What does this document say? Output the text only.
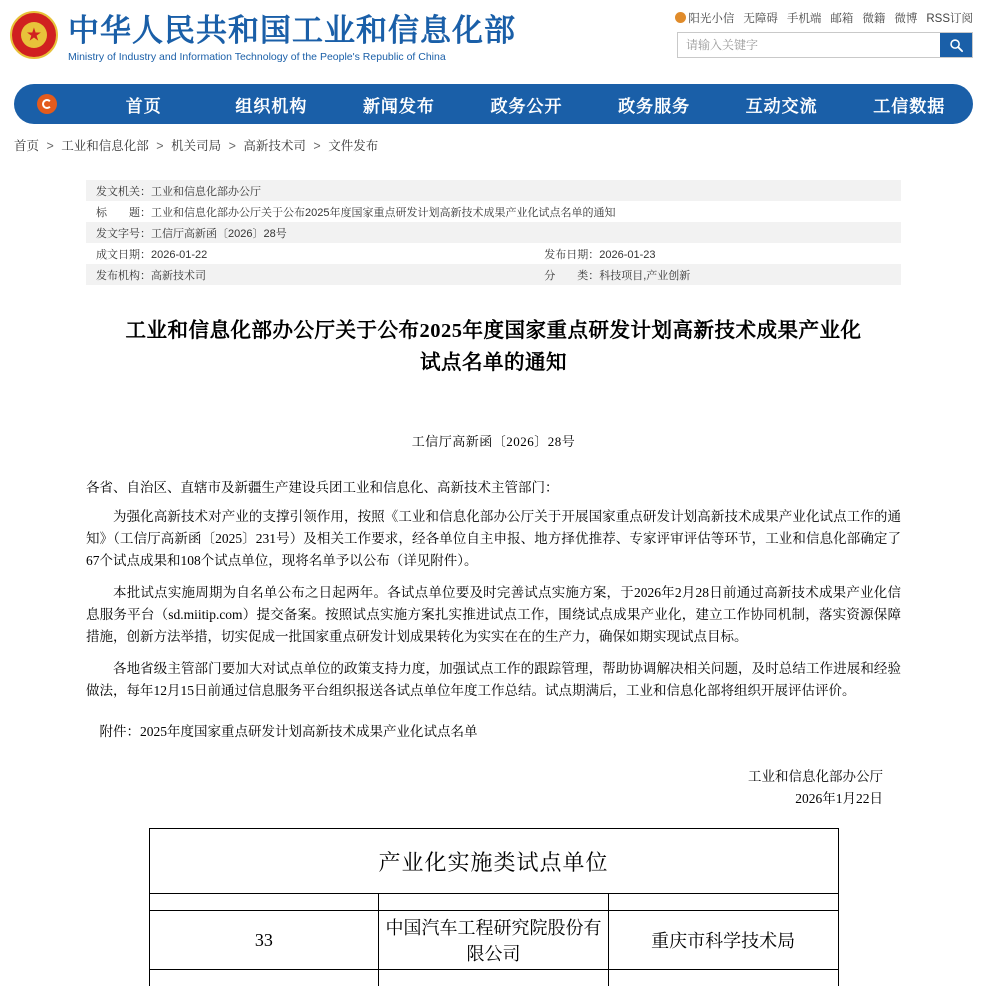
★
中华人民共和国工业和信息化部
Ministry of Industry and Information Technology of the People's Republic of China
阳光小信 无障碍 手机端 邮箱 微籍 微博 RSS订阅
请输入关键字
首页	组织机构	新闻发布	政务公开	政务服务	互动交流	工信数据
首页 > 工业和信息化部 > 机关司局 > 高新技术司 > 文件发布
发文机关：工业和信息化部办公厅	
标　　题：工业和信息化部办公厅关于公布2025年度国家重点研发计划高新技术成果产业化试点名单的通知	
发文字号：工信厅高新函〔2026〕28号	
成文日期：2026-01-22	发布日期：2026-01-23
发布机构：高新技术司	分　　类：科技项目,产业创新
工业和信息化部办公厅关于公布2025年度国家重点研发计划高新技术成果产业化试点名单的通知
工信厅高新函〔2026〕28号
各省、自治区、直辖市及新疆生产建设兵团工业和信息化、高新技术主管部门：
为强化高新技术对产业的支撑引领作用，按照《工业和信息化部办公厅关于开展国家重点研发计划高新技术成果产业化试点工作的通知》（工信厅高新函〔2025〕231号）及相关工作要求，经各单位自主申报、地方择优推荐、专家评审评估等环节，工业和信息化部确定了67个试点成果和108个试点单位，现将名单予以公布（详见附件）。
本批试点实施周期为自名单公布之日起两年。各试点单位要及时完善试点实施方案，于2026年2月28日前通过高新技术成果产业化信息服务平台（sd.miitip.com）提交备案。按照试点实施方案扎实推进试点工作，围绕试点成果产业化，建立工作协同机制，落实资源保障措施，创新方法举措，切实促成一批国家重点研发计划成果转化为实实在在的生产力，确保如期实现试点目标。
各地省级主管部门要加大对试点单位的政策支持力度，加强试点工作的跟踪管理，帮助协调解决相关问题，及时总结工作进展和经验做法，每年12月15日前通过信息服务平台组织报送各试点单位年度工作总结。试点期满后，工业和信息化部将组织开展评估评价。
附件：2025年度国家重点研发计划高新技术成果产业化试点名单
工业和信息化部办公厅
2026年1月22日
产业化实施类试点单位		

33	中国汽车工程研究院股份有限公司	重庆市科学技术局
